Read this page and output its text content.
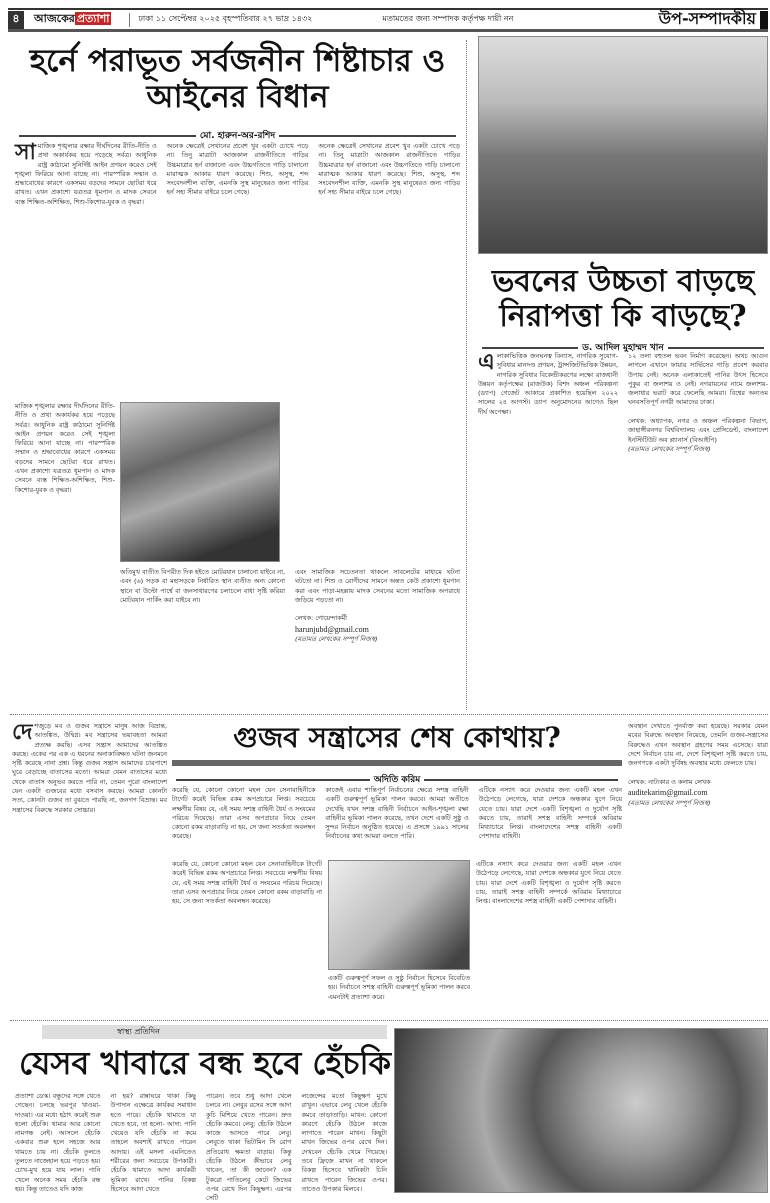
৪	আজকের প্রত্যাশা	ঢাকা ১১ সেপ্টেম্বর ২০২৫ বৃহস্পতিবার ২৭ ভাদ্র ১৪৩২	মতামতের জন্য সম্পাদক কর্তৃপক্ষ দায়ী নন	উপ-সম্পাদকীয়
হর্নে পরাভূত সর্বজনীন শিষ্টাচার ও আইনের বিধান
মো. হারুন-অর-রশিদ
সামাজিক শৃঙ্খলার রক্ষার দীর্ঘদিনের রীতি-নীতি ও প্রথা অকার্যকর হয়ে পড়েছে সর্বত্র। আধুনিক রাষ্ট্র কাঠামো সুনির্দিষ্ট আইন প্রণয়ন করেও সেই শৃঙ্খলা ফিরিয়ে আনা যাচ্ছে না। পারস্পরিক সম্মান ও শ্রদ্ধাবোধের কারণে একসময় বড়দের সামনে ছোটরা ধরে রাখত। এখন প্রকাশ্যে যত্রতত্র ধূমপান ও মাদক সেবনে ব্যস্ত শিক্ষিত-অশিক্ষিত, শিশু-কিশোর-যুবক ও বৃদ্ধরা।
অনেক ক্ষেত্রেই সেখানের প্রবেশ খুব একটা চোখে পড়ে না। তিনু মাত্রাটা আজকাল রাজনীতিতে গাড়ির উচ্চমাত্রার হর্ন বাজানো এবং উচ্চগতিতে গাড়ি চালানো মারাত্মক আকার ধারণ করেছে। শিশু, অসুস্থ, শব্দ সংবেদনশীল ব্যক্তি, এমনকি সুস্থ মানুষেরও জন্য গাড়ির হর্ন সহ্য সীমার বাইরে চলে গেছে।
অনেক ক্ষেত্রেই সেখানের প্রবেশ খুব একটা চোখে পড়ে না। তিনু মাত্রাটা আজকাল রাজনীতিতে গাড়ির উচ্চমাত্রার হর্ন বাজানো এবং উচ্চগতিতে গাড়ি চালানো মারাত্মক আকার ধারণ করেছে। শিশু, অসুস্থ, শব্দ সংবেদনশীল ব্যক্তি, এমনকি সুস্থ মানুষেরও জন্য গাড়ির হর্ন সহ্য সীমার বাইরে চলে গেছে।
মাজিক শৃঙ্খলার রক্ষার দীর্ঘদিনের রীতি-নীতি ও প্রথা অকার্যকর হয়ে পড়েছে সর্বত্র। আধুনিক রাষ্ট্র কাঠামো সুনির্দিষ্ট আইন প্রণয়ন করেও সেই শৃঙ্খলা ফিরিয়ে আনা যাচ্ছে না। পারস্পরিক সম্মান ও শ্রদ্ধাবোধের কারণে একসময় বড়দের সামনে ছোটরা ধরে রাখত। এখন প্রকাশ্যে যত্রতত্র ধূমপান ও মাদক সেবনে ব্যস্ত শিক্ষিত-অশিক্ষিত, শিশু-কিশোর-যুবক ও বৃদ্ধরা।
অতিমুখ বাতীত বিপরীত দিক হইতে মোটরযান চালানো যাইবে না, এবং (৬) সড়ক বা মহাসড়কে নির্ধারিত স্থান ব্যতীত অন্য কোনো স্থানে বা উল্টো পার্শ্বে বা জনসাধারণের চলাচলে বাধা সৃষ্টি করিয়া মোটরযান পার্কিং করা যাইবে না।
এবং সামাজিক সচেতনতা থাকলে সাবলেটের মাধ্যমে ঘটনা ঘটতো না। শিশু ও রোগীদের সামনে অন্তত কেউ প্রকাশ্যে ধূমপান করা এবং পাড়া-মহল্লায় মাদক সেবনের মতো সামাজিক অপরাধে জড়িয়ে পড়তো না।

লেখক: গোয়েন্দাকর্মী
harunjubd@gmail.com
(মতামত লেখকের সম্পূর্ণ নিজস্ব)
ভবনের উচ্চতা বাড়ছে নিরাপত্তা কি বাড়ছে?
ড. আদিল মুহাম্মদ খান
এলাকাভিত্তিক জনঘনত্ব বিন্যাস, নাগরিক সুযোগ-সুবিধার মানদণ্ড প্রণয়ন, ট্রান্সজিটভিত্তিক উন্নয়ন, নাগরিক সুবিধার বিকেন্দ্রীকরণের লক্ষ্যে রাজধানী উন্নয়ন কর্তৃপক্ষের (রাজউক) বিশদ অঞ্চল পরিকল্পনা (ড্যাপ) গেজেট আকারে প্রকাশিত হয়েছিল ২০২২ সালের ২৪ আগস্ট। ড্যাপ অনুমোদনের আগেও ছিল দীর্ঘ অপেক্ষা।
১২ তলা বহুতল ভবন নির্মাণ করেছেন। অথচ আগুন লাগলে এখানে ফায়ার সার্ভিসের গাড়ি প্রবেশ করবার উপায় নেই। অনেক এলাকাতেই পানির উৎস হিসেবে পুকুর বা জলাশয় ও নেই। নগরায়নের নামে জলাশয়-জলাধার ভরাট করে ফেলেছি আমরা। বিশ্বের অন্যতম ঘনবসতিপূর্ণ নগরী আমাদের ঢাকা।

লেখক: অধ্যাপক, নগর ও অঞ্চল পরিকল্পনা বিভাগ, জাহাঙ্গীরনগর বিশ্ববিদ্যালয় এবং প্রেসিডেন্ট, বাংলাদেশ ইনস্টিটিউট অব প্ল্যানার্স (বিআইপি)
(মতামত লেখকের সম্পূর্ণ নিজস্ব)
দেশজুড়ে মব ও গুজব সন্ত্রাসে মানুষ আজ বিভ্রান্ত, আতঙ্কিত, উদ্বিগ্ন। মব সন্ত্রাসের ভয়াবহতা আমরা প্রত্যক্ষ করছি। এসব সন্ত্রাস আমাদের আতঙ্কিত করছে। একের পর এক এ ধরনের অনাকাঙ্ক্ষিত ঘটনা জনমনে সৃষ্টি করেছে নানা প্রশ্ন। কিন্তু গুজব সন্ত্রাস আমাদের চারপাশে ঘুরে বেড়াচ্ছে বাতাসের মতো। আমরা যেমন বাতাসের মধ্যে থেকে বাতাস অনুভব করতে পারি না, তেমন পুরো বাংলাদেশ যেন একটা গুজবের মধ্যে বসবাস করছে। আমরা কোনটা সত্য, কোনটা গুজব তা বুঝতে পারছি না, জনগণ বিভ্রান্ত। মব সন্ত্রাসের বিরুদ্ধে সরকার সোচ্চার।
গুজব সন্ত্রাসের শেষ কোথায়?
অদিতি করিম
করেছি যে, কোনো কোনো মহল যেন সেনাবাহিনীকে টার্গেট করেই বিভিন্ন রকম অপপ্রচারে লিপ্ত। সবচেয়ে লক্ষণীয় বিষয় যে, এই সময় সশস্ত্র বাহিনী ধৈর্য ও সংযমের পরিচয় দিয়েছে। তারা এসব অপপ্রচার নিয়ে তেমন কোনো রকম বাড়াবাড়ি না হয়, সে জন্য সতর্কতা অবলম্বন করেছে।
কাজেই এবার শান্তিপূর্ণ নির্বাচনের ক্ষেত্রে সশস্ত্র বাহিনী একটি গুরুত্বপূর্ণ ভূমিকা পালন করবে। আমরা অতীতে দেখেছি যখন সশস্ত্র বাহিনী নির্বাচনে আইন-শৃঙ্খলা রক্ষা বাহিনীর ভূমিকা পালন করেছে, তখন দেশে একটি সুষ্ঠু ও সুন্দর নির্বাচন অনুষ্ঠিত হয়েছে। এ প্রসঙ্গে ১৯৯১ সালের নির্বাচনের কথা আমরা বলতে পারি।
এটিকে নস্যাৎ করে দেওয়ার জন্য একটি মহল এখন উঠেপড়ে লেগেছে, যারা দেশকে অন্ধকার যুগে নিয়ে যেতে চায়। যারা দেশে একটি বিশৃঙ্খলা ও দুর্যোগ সৃষ্টি করতে চায়, তারাই সশস্ত্র বাহিনী সম্পর্কে অবিরাম মিথ্যাচারে লিপ্ত। বাংলাদেশের সশস্ত্র বাহিনী একটি পেশাদার বাহিনী।
করেছি যে, কোনো কোনো মহল যেন সেনাবাহিনীকে টার্গেট করেই বিভিন্ন রকম অপপ্রচারে লিপ্ত। সবচেয়ে লক্ষণীয় বিষয় যে, এই সময় সশস্ত্র বাহিনী ধৈর্য ও সংযমের পরিচয় দিয়েছে। তারা এসব অপপ্রচার নিয়ে তেমন কোনো রকম বাড়াবাড়ি না হয়, সে জন্য সতর্কতা অবলম্বন করেছে।
একটি গুরুত্বপূর্ণ সফল ও সুষ্ঠু নির্বাচন হিসেবে বিবেচিত হয়। নির্বাচনে সশস্ত্র বাহিনী গুরুত্বপূর্ণ ভূমিকা পালন করবে এমনটাই প্রত্যাশা করে।
এটিকে নস্যাৎ করে দেওয়ার জন্য একটি মহল এখন উঠেপড়ে লেগেছে, যারা দেশকে অন্ধকার যুগে নিয়ে যেতে চায়। যারা দেশে একটি বিশৃঙ্খলা ও দুর্যোগ সৃষ্টি করতে চায়, তারাই সশস্ত্র বাহিনী সম্পর্কে অবিরাম মিথ্যাচারে লিপ্ত। বাংলাদেশের সশস্ত্র বাহিনী একটি পেশাদার বাহিনী।
অবস্থান দেখাতে পুনর্ব্যক্ত করা হয়েছে। সরকার যেমন মবের বিরুদ্ধে অবস্থান নিয়েছে, তেমনি গুজব-সন্ত্রাসের বিরুদ্ধেও এখন অবস্থান গ্রহণের সময় এসেছে। যারা দেশে নির্বাচন চায় না, দেশে বিশৃঙ্খলা সৃষ্টি করতে চায়, জনগণকে একটা দুর্বিষহ অবস্থার মধ্যে ফেলতে চায়।

লেখক: নাট্যকার ও কলাম লেখক
auditekarim@gmail.com
(মতামত লেখকের সম্পূর্ণ নিজস্ব)
স্বাস্থ্য প্রতিদিন
যেসব খাবারে বন্ধ হবে হেঁচকি
প্রত্যাশা ডেস্ক। বন্ধুদের সঙ্গে খেতে গেছেন। চলছে ভরপুর খাওয়া-দাওয়া। এর মধ্যে হঠাৎ করেই শুরু হলো হেঁচকি। থামার আর কোনো নামগন্ধ নেই। আসলে হেঁচকি একবার শুরু হলে সহজে আর থামতে চায় না। হেঁচকি তুলতে তুলতে নাজেহাল হয়ে পড়তে হয়। চোখ-মুখ হয়ে যায় লাল। পানি খেলে অনেক সময় হেঁচকি বন্ধ হয়। কিন্তু তাতেও যদি কাজ
না হয়? রান্নাঘরে থাকা কিছু উপাদান এক্ষেত্রে কার্যকর সমাধান হতে পারে। হেঁচকি থামাতে যা খেতে হবে, তা হলো- আদা: পানি খেয়েও যদি হেঁচকি না কমে তাহলে অবশ্যই রাখতে পারেন আদায়। এই মসলা এমনিতেও শরীরের জন্য সবচেয়ে উপকারী। হেঁচকি থামাতে আদা কার্যকরী ভূমিকা রাখে। পানির বিকল্প হিসেবে আদা খেতে
পারেন। তবে শুধু আদা খেলে চলবে না। লেবুর রসের সঙ্গে আদা কুচি মিশিয়ে খেতে পারেন। দ্রুত হেঁচকি কমবে। লেবু: হেঁচকি উঠলে কাজে আসতে পারে লেবু। লেবুতে থাকা ভিটামিন সি রোগ প্রতিরোধ ক্ষমতা বাড়ায়। কিন্তু হেঁচকি উঠলে কীভাবে লেবু খাবেন, তা কী জানেন? এক টুকরো পাতিলেবু কেটে জিভের ওপর রেখে দিন কিছুক্ষণ। এরপর সেটি
লজেন্সের মতো কিছুক্ষণ মুখে রাখুন। এভাবে লেবু খেলে হেঁচকি কমবে তাড়াতাড়ি। মাখন: কোনো কারণে হেঁচকি উঠলে কাজে লাগাতে পারেন মাখন। কিছুটা মাখন জিভের ওপর রেখে দিন। দেখবেন হেঁচকি থেমে গিয়েছে। তবে ফ্রিজে মাখন না থাকলে বিকল্প হিসেবে খানিকটা চিনি রাখতে পারেন জিভের ওপর। তাতেও উপকার মিলবে।
